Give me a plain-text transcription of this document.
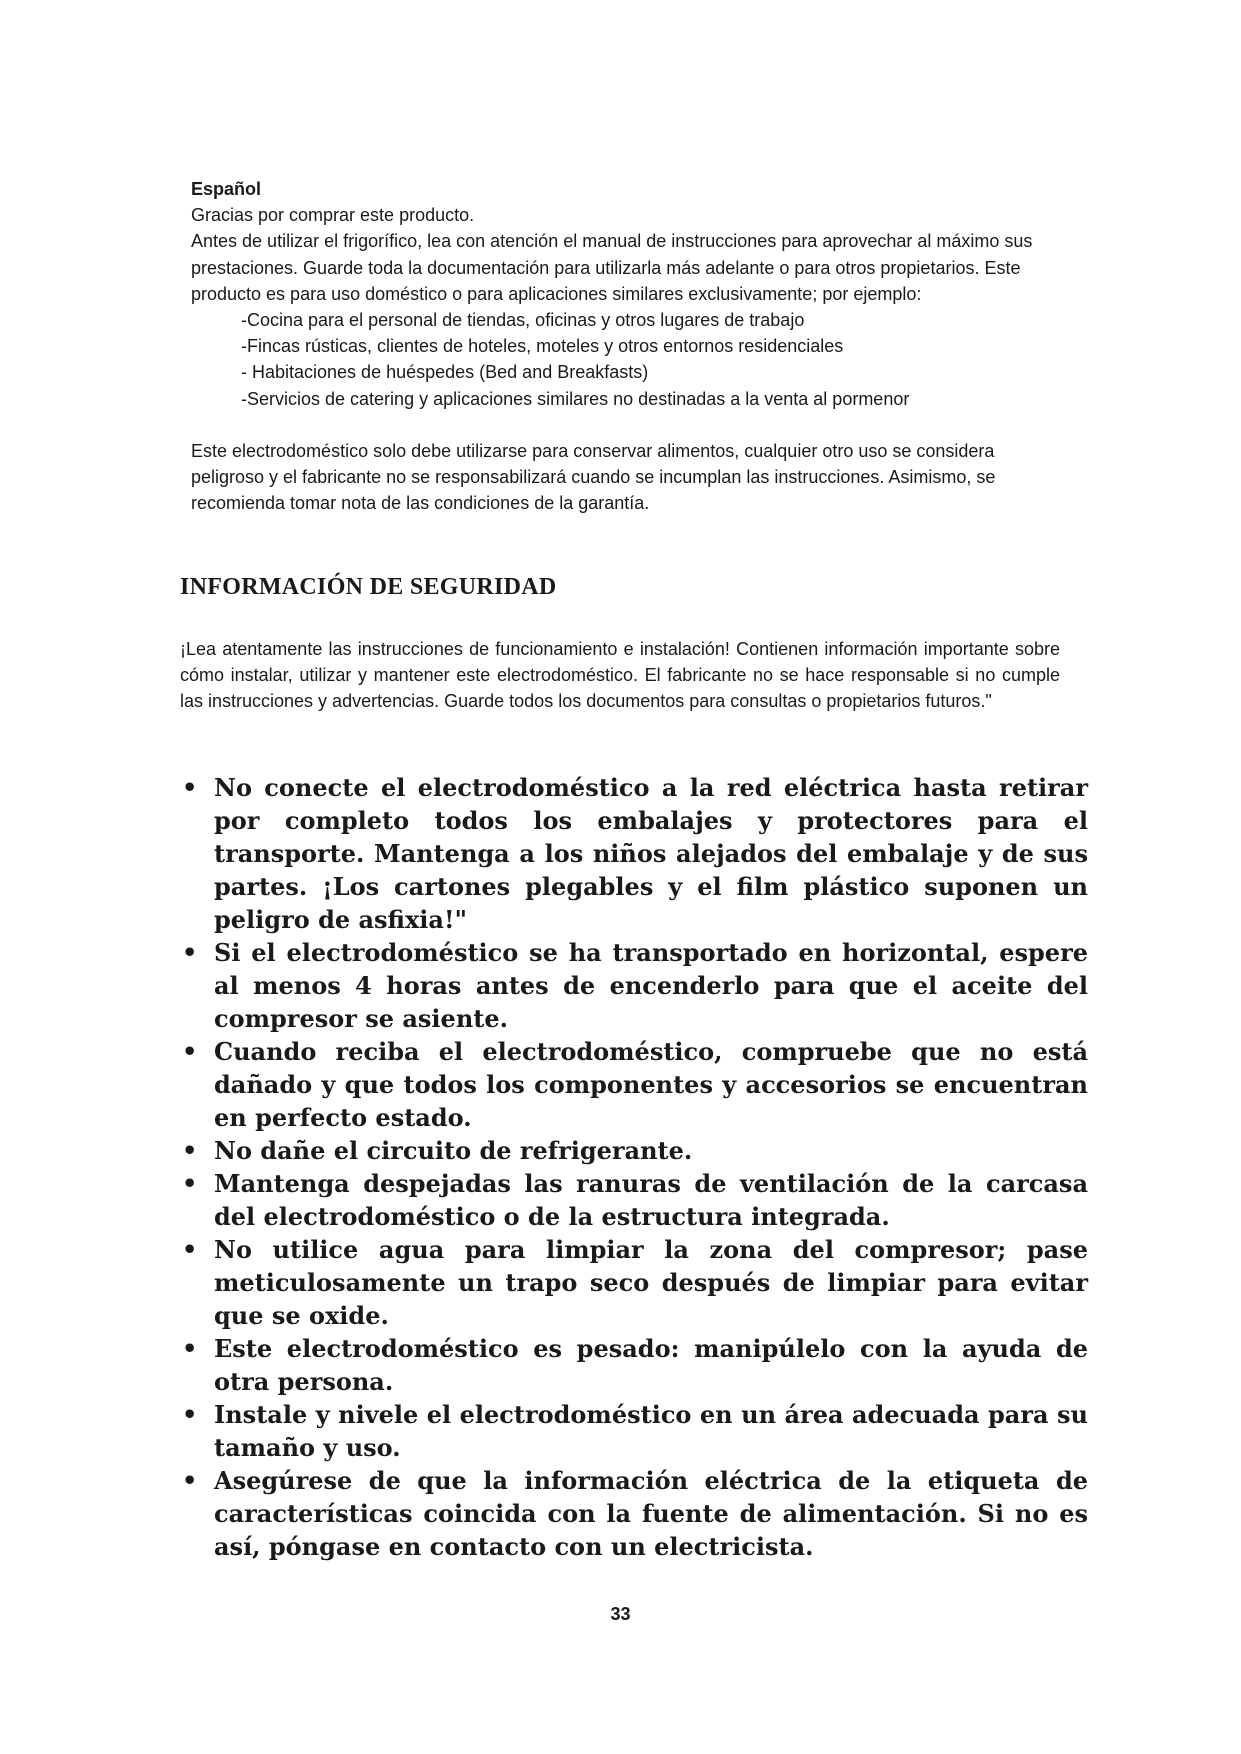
Español

Gracias por comprar este producto.

Antes de utilizar el frigorífico, lea con atención el manual de instrucciones para aprovechar al máximo sus prestaciones. Guarde toda la documentación para utilizarla más adelante o para otros propietarios. Este producto es para uso doméstico o para aplicaciones similares exclusivamente; por ejemplo:

-Cocina para el personal de tiendas, oficinas y otros lugares de trabajo
-Fincas rústicas, clientes de hoteles, moteles y otros entornos residenciales
- Habitaciones de huéspedes (Bed and Breakfasts)
-Servicios de catering y aplicaciones similares no destinadas a la venta al pormenor

Este electrodoméstico solo debe utilizarse para conservar alimentos, cualquier otro uso se considera peligroso y el fabricante no se responsabilizará cuando se incumplan las instrucciones. Asimismo, se recomienda tomar nota de las condiciones de la garantía.

INFORMACIÓN DE SEGURIDAD

¡Lea atentamente las instrucciones de funcionamiento e instalación! Contienen información importante sobre cómo instalar, utilizar y mantener este electrodoméstico. El fabricante no se hace responsable si no cumple las instrucciones y advertencias. Guarde todos los documentos para consultas o propietarios futuros."

• No conecte el electrodoméstico a la red eléctrica hasta retirar por completo todos los embalajes y protectores para el transporte. Mantenga a los niños alejados del embalaje y de sus partes. ¡Los cartones plegables y el film plástico suponen un peligro de asfixia!"
• Si el electrodoméstico se ha transportado en horizontal, espere al menos 4 horas antes de encenderlo para que el aceite del compresor se asiente.
• Cuando reciba el electrodoméstico, compruebe que no está dañado y que todos los componentes y accesorios se encuentran en perfecto estado.
• No dañe el circuito de refrigerante.
• Mantenga despejadas las ranuras de ventilación de la carcasa del electrodoméstico o de la estructura integrada.
• No utilice agua para limpiar la zona del compresor; pase meticulosamente un trapo seco después de limpiar para evitar que se oxide.
• Este electrodoméstico es pesado: manipúlelo con la ayuda de otra persona.
• Instale y nivele el electrodoméstico en un área adecuada para su tamaño y uso.
• Asegúrese de que la información eléctrica de la etiqueta de características coincida con la fuente de alimentación. Si no es así, póngase en contacto con un electricista.
33
